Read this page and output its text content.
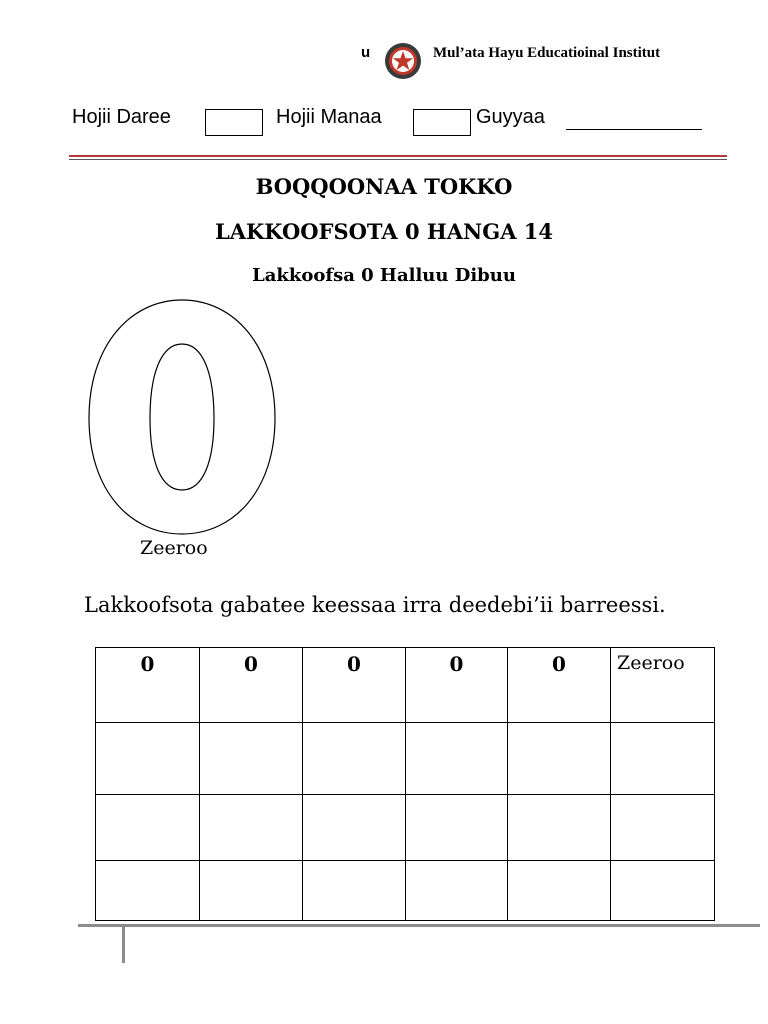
u	Mul’ata Hayu Educatioinal Institut
Hojii Daree	Hojii Manaa	Guyyaa
BOQQOONAA TOKKO
LAKKOOFSOTA 0 HANGA 14
Lakkoofsa 0 Halluu Dibuu
Zeeroo
Lakkoofsota gabatee keessaa irra deedebi’ii barreessi.
0	0	0	0	0	Zeeroo
